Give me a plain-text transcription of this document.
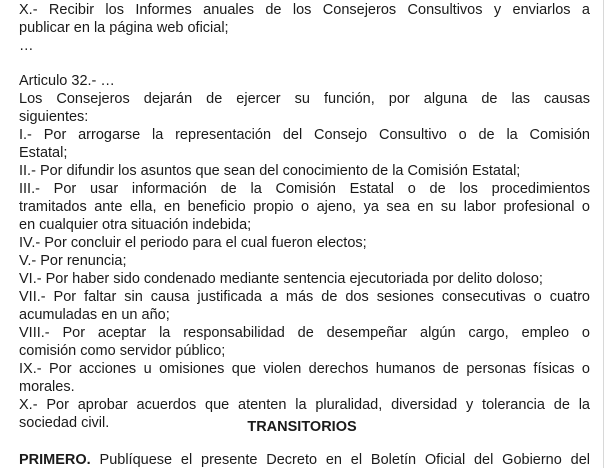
X.- Recibir los Informes anuales de los Consejeros Consultivos y enviarlos a

publicar en la página web oficial;

…

Articulo 32.- …

Los Consejeros dejarán de ejercer su función, por alguna de las causas

siguientes:

I.- Por arrogarse la representación del Consejo Consultivo o de la Comisión

Estatal;

II.- Por difundir los asuntos que sean del conocimiento de la Comisión Estatal;

III.- Por usar información de la Comisión Estatal o de los procedimientos

tramitados ante ella, en beneficio propio o ajeno, ya sea en su labor profesional o

en cualquier otra situación indebida;

IV.- Por concluir el periodo para el cual fueron electos;

V.- Por renuncia;

VI.- Por haber sido condenado mediante sentencia ejecutoriada por delito doloso;

VII.- Por faltar sin causa justificada a más de dos sesiones consecutivas o cuatro

acumuladas en un año;

VIII.- Por aceptar la responsabilidad de desempeñar algún cargo, empleo o

comisión como servidor público;

IX.- Por acciones u omisiones que violen derechos humanos de personas físicas o

morales.

X.- Por aprobar acuerdos que atenten la pluralidad, diversidad y tolerancia de la

sociedad civil.	TRANSITORIOS

PRIMERO. Publíquese el presente Decreto en el Boletín Oficial del Gobierno del
